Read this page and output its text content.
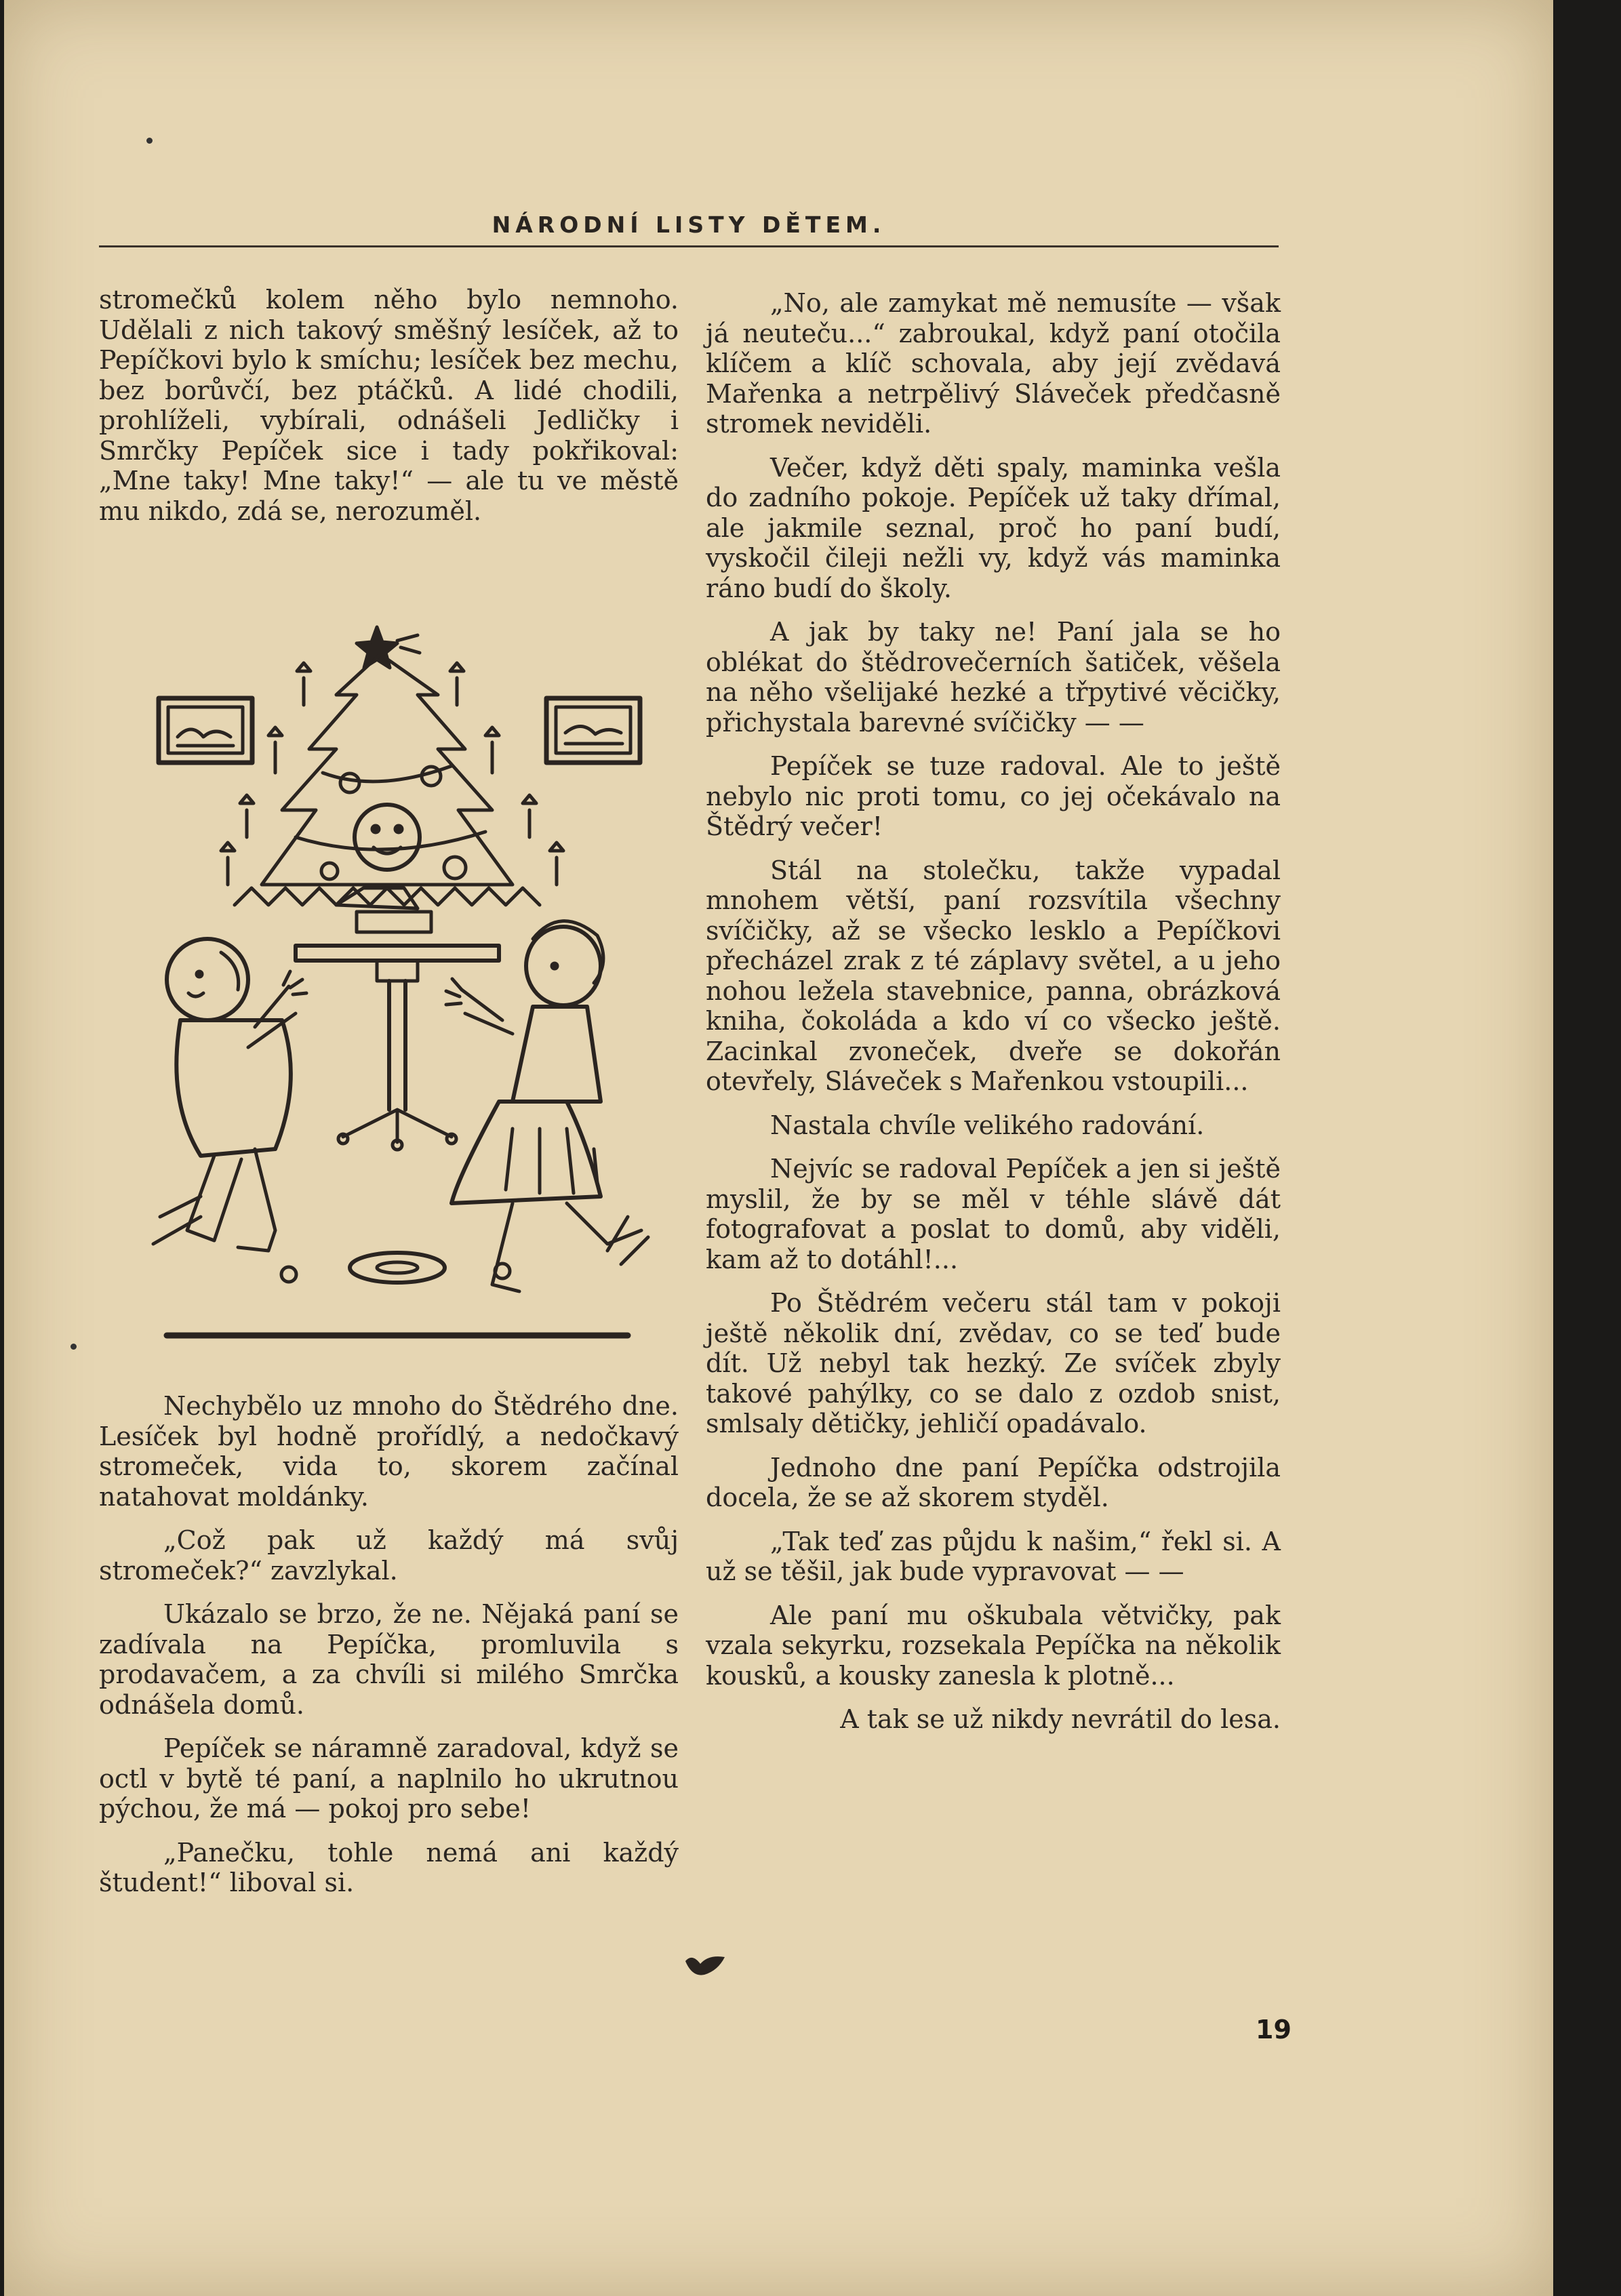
NÁRODNÍ LISTY DĚTEM.

stromečků kolem něho bylo nemnoho. Udělali z nich takový směšný lesíček, až to Pepíčkovi bylo k smíchu; lesíček bez mechu, bez borůvčí, bez ptáčků. A lidé chodili, prohlíželi, vybírali, odnášeli Jedličky i Smrčky Pepíček sice i tady pokřikoval: „Mne taky! Mne taky!“ — ale tu ve městě mu nikdo, zdá se, nerozuměl.

Nechybělo uz mnoho do Štědrého dne. Lesíček byl hodně prořídlý, a nedočkavý stromeček, vida to, skorem začínal natahovat moldánky.

„Což pak už každý má svůj stromeček?“ zavzlykal.

Ukázalo se brzo, že ne. Nějaká paní se zadívala na Pepíčka, promluvila s prodavačem, a za chvíli si milého Smrčka odnášela domů.

Pepíček se náramně zaradoval, když se octl v bytě té paní, a naplnilo ho ukrutnou pýchou, že má — pokoj pro sebe!

„Panečku, tohle nemá ani každý študent!“ liboval si.

„No, ale zamykat mě nemusíte — však já neuteču...“ zabroukal, když paní otočila klíčem a klíč schovala, aby její zvědavá Mařenka a netrpělivý Sláveček předčasně stromek neviděli.

Večer, když děti spaly, maminka vešla do zadního pokoje. Pepíček už taky dřímal, ale jakmile seznal, proč ho paní budí, vyskočil čileji nežli vy, když vás maminka ráno budí do školy.

A jak by taky ne! Paní jala se ho oblékat do štědrovečerních šatiček, věšela na něho všelijaké hezké a třpytivé věcičky, přichystala barevné svíčičky — —

Pepíček se tuze radoval. Ale to ještě nebylo nic proti tomu, co jej očekávalo na Štědrý večer!

Stál na stolečku, takže vypadal mnohem větší, paní rozsvítila všechny svíčičky, až se všecko lesklo a Pepíčkovi přecházel zrak z té záplavy světel, a u jeho nohou ležela stavebnice, panna, obrázková kniha, čokoláda a kdo ví co všecko ještě. Zacinkal zvoneček, dveře se dokořán otevřely, Sláveček s Mařenkou vstoupili...

Nastala chvíle velikého radování.

Nejvíc se radoval Pepíček a jen si ještě myslil, že by se měl v téhle slávě dát fotografovat a poslat to domů, aby viděli, kam až to dotáhl!...

Po Štědrém večeru stál tam v pokoji ještě několik dní, zvědav, co se teď bude dít. Už nebyl tak hezký. Ze svíček zbyly takové pahýlky, co se dalo z ozdob snist, smlsaly dětičky, jehličí opadávalo.

Jednoho dne paní Pepíčka odstrojila docela, že se až skorem styděl.

„Tak teď zas půjdu k našim,“ řekl si. A už se těšil, jak bude vypravovat — —

Ale paní mu oškubala větvičky, pak vzala sekyrku, rozsekala Pepíčka na několik kousků, a kousky zanesla k plotně...

A tak se už nikdy nevrátil do lesa.

19
